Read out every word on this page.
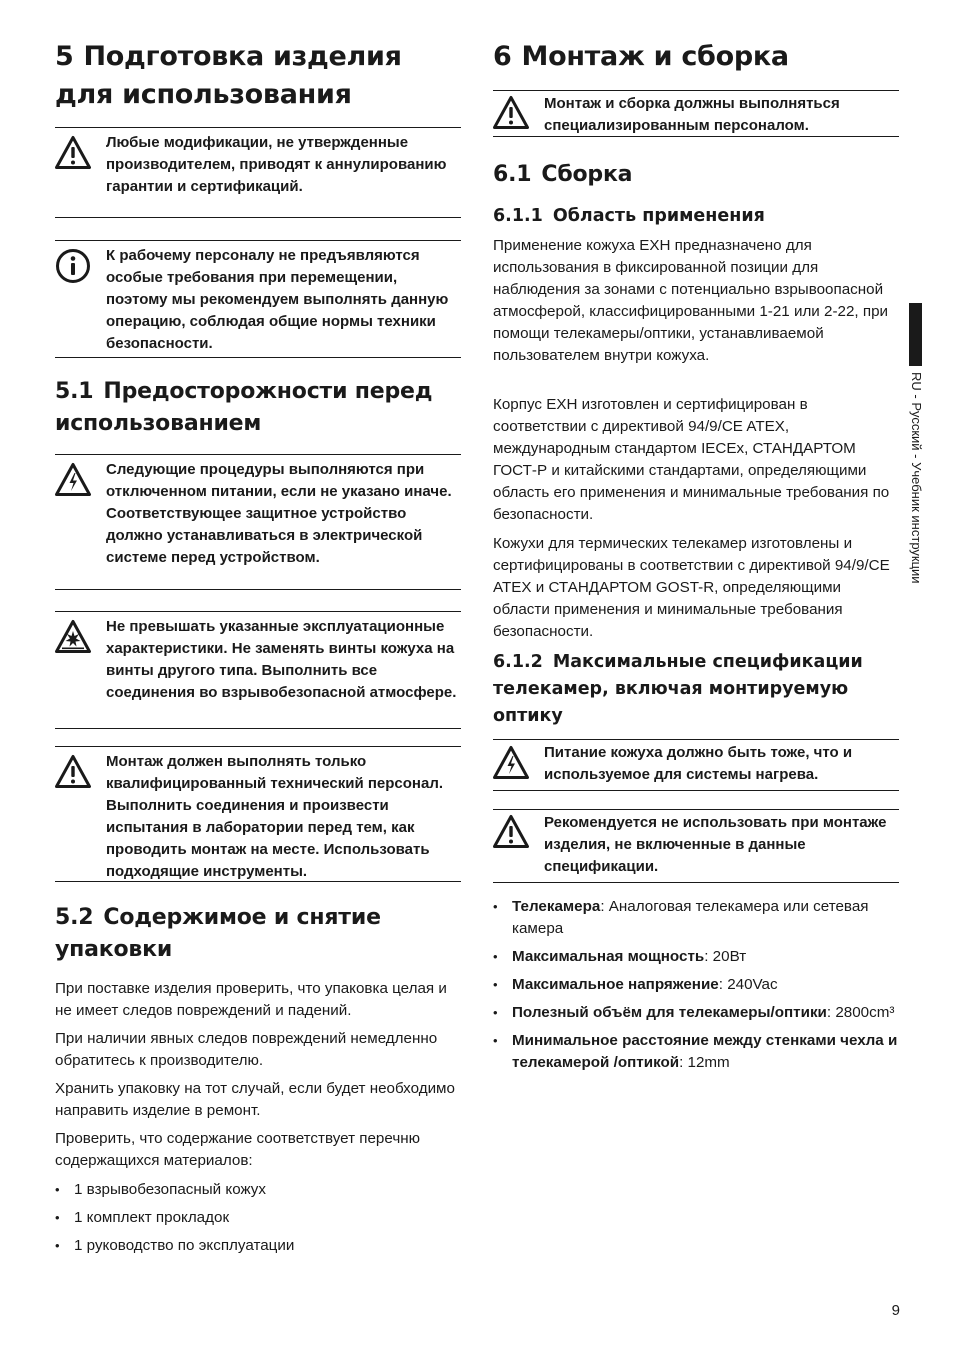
5 Подготовка изделия для использования
Любые модификации, не утвержденные производителем, приводят к аннулированию гарантии и сертификаций.
К рабочему персоналу не предъявляются особые требования при перемещении, поэтому мы рекомендуем выполнять данную операцию, соблюдая общие нормы техники безопасности.
5.1 Предосторожности перед использованием
Следующие процедуры выполняются при отключенном питании, если не указано иначе. Соответствующее защитное устройство должно устанавливаться в электрической системе перед устройством.
Не превышать указанные эксплуатационные характеристики. Не заменять винты кожуха на винты другого типа. Выполнить все соединения во взрывобезопасной атмосфере.
Монтаж должен выполнять только квалифицированный технический персонал. Выполнить соединения и произвести испытания в лаборатории перед тем, как проводить монтаж на месте. Использовать подходящие инструменты.
5.2 Содержимое и снятие упаковки

При поставке изделия проверить, что упаковка целая и не имеет следов повреждений и падений.

При наличии явных следов повреждений немедленно обратитесь к производителю.

Хранить упаковку на тот случай, если будет необходимо направить изделие в ремонт.

Проверить, что содержание соответствует перечню содержащихся материалов:

• 1 взрывобезопасный кожух
• 1 комплект прокладок
• 1 руководство по эксплуатации
6 Монтаж и сборка
Монтаж и сборка должны выполняться специализированным персоналом.
6.1 Сборка
6.1.1 Область применения

Применение кожуха EXH предназначено для использования в фиксированной позиции для наблюдения за зонами с потенциально взрывоопасной атмосферой, классифицированными 1-21 или 2-22, при помощи телекамеры/оптики, устанавливаемой пользователем внутри кожуха.

Корпус EXH изготовлен и сертифицирован в соответствии с директивой 94/9/CE ATEX, международным стандартом IECEx, СТАНДАРТОМ ГОСТ-Р и китайскими стандартами, определяющими область его применения и минимальные требования по безопасности.

Кожухи для термических телекамер изготовлены и сертифицированы в соответствии с директивой 94/9/CE ATEX и СТАНДАРТОМ GOST-R, определяющими области применения и минимальные требования безопасности.

6.1.2 Максимальные спецификации телекамер, включая монтируемую оптику
Питание кожуха должно быть тоже, что и используемое для системы нагрева.
Рекомендуется не использовать при монтаже изделия, не включенные в данные спецификации.
• Телекамера: Аналоговая телекамера или сетевая камера
• Максимальная мощность: 20Вт
• Максимальное напряжение: 240Vac
• Полезный объём для телекамеры/оптики: 2800cm³
• Минимальное расстояние между стенками чехла и телекамерой /оптикой: 12mm
RU - Русский - Учебник инструкции
9
